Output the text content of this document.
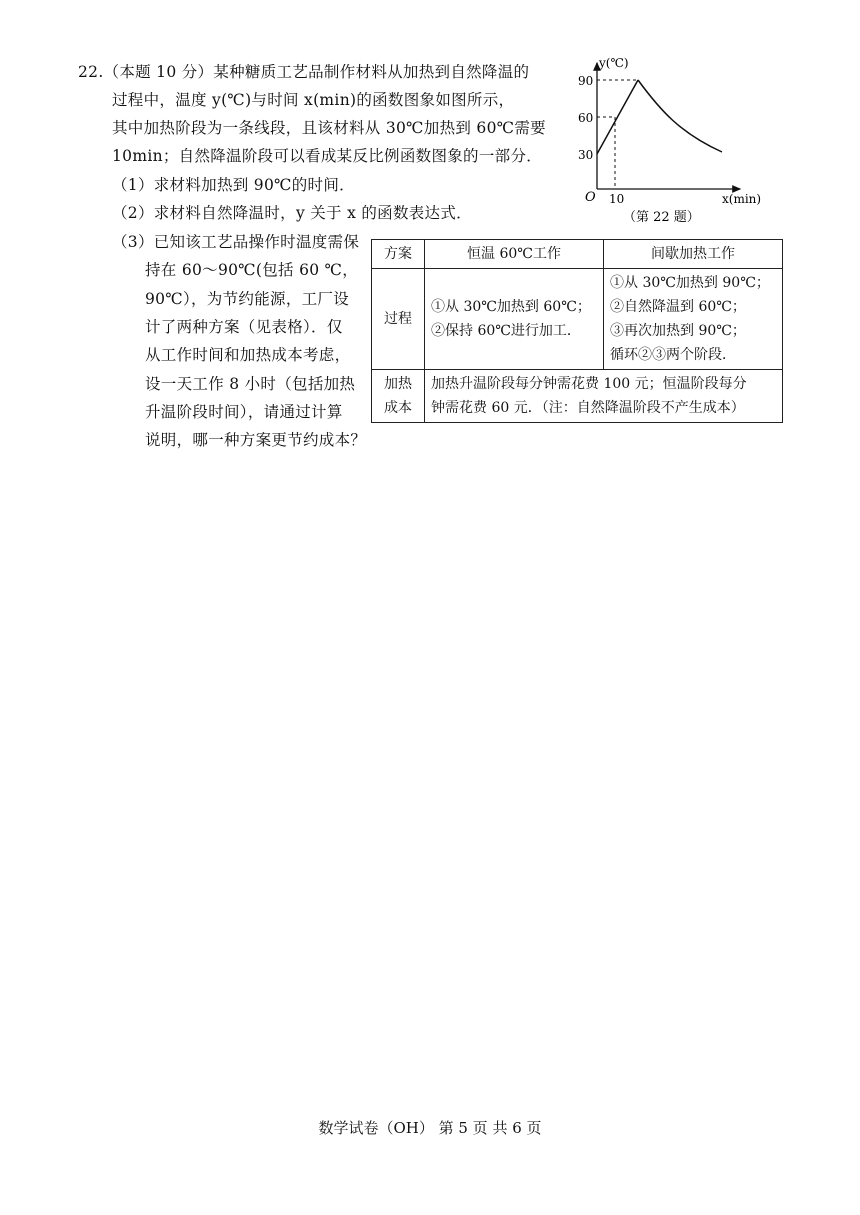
22.（本题 10 分）某种糖质工艺品制作材料从加热到自然降温的
过程中，温度 y(℃)与时间 x(min)的函数图象如图所示，
其中加热阶段为一条线段，且该材料从 30℃加热到 60℃需要
10min；自然降温阶段可以看成某反比例函数图象的一部分．
（1）求材料加热到 90℃的时间．
（2）求材料自然降温时，y 关于 x 的函数表达式．
（3）已知该工艺品操作时温度需保
持在 60～90℃(包括 60 ℃，
90℃），为节约能源，工厂设
计了两种方案（见表格）．仅
从工作时间和加热成本考虑，
设一天工作 8 小时（包括加热
升温阶段时间），请通过计算
说明，哪一种方案更节约成本？
y(℃)
x(min)
O 10
90
60
30
（第 22 题）
方案	恒温 60℃工作	间歇加热工作
过程	①从 30℃加热到 60℃；
②保持 60℃进行加工．	①从 30℃加热到 90℃；
②自然降温到 60℃；
③再次加热到 90℃；
循环②③两个阶段．

加热
成本	加热升温阶段每分钟需花费 100 元；恒温阶段每分
钟需花费 60 元．（注：自然降温阶段不产生成本）	
数学试卷（OH） 第 5 页 共 6 页
